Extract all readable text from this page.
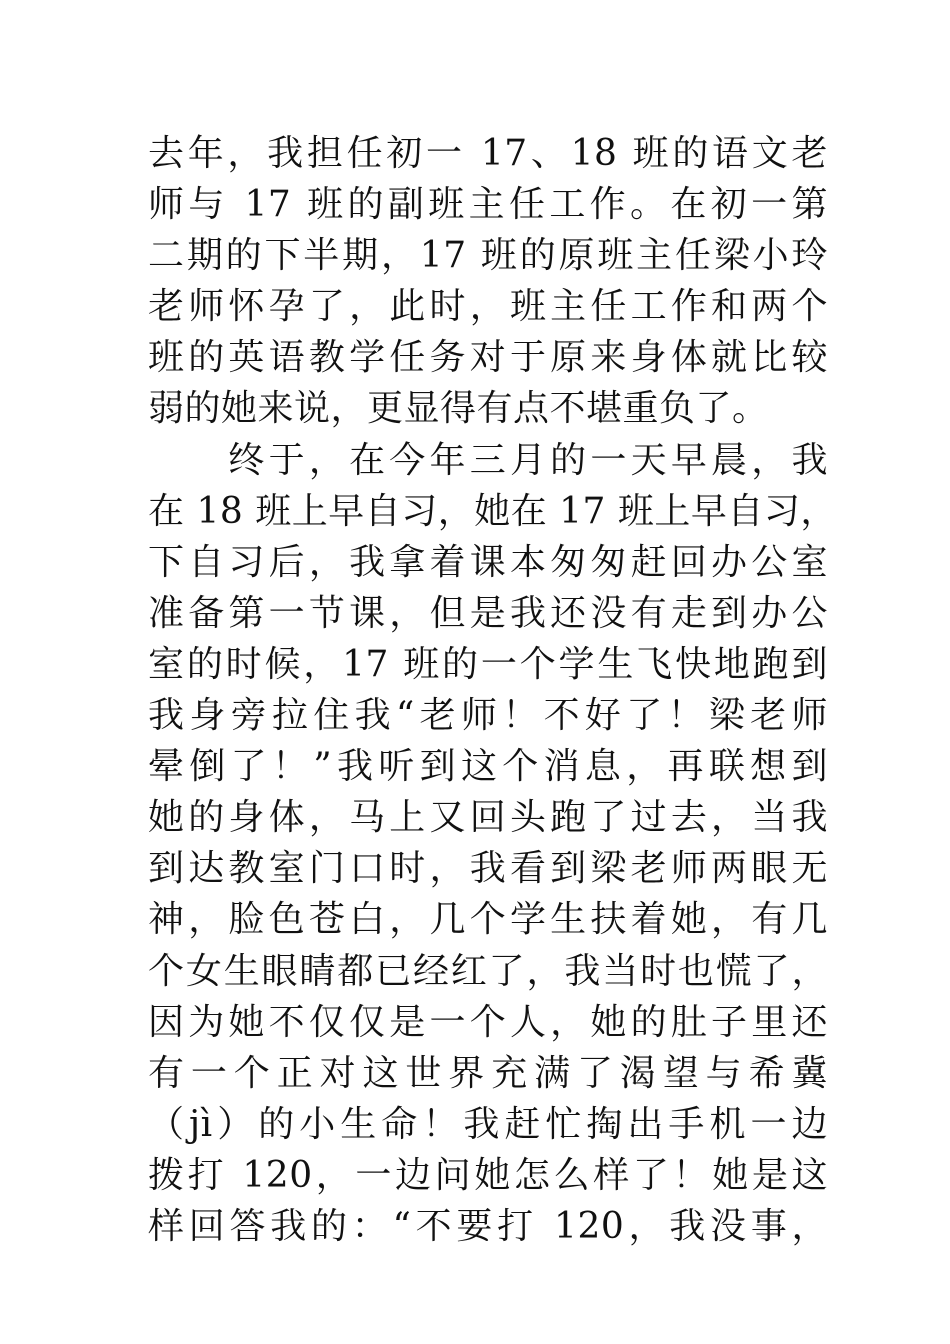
去年，我担任初一 17、18 班的语文老
师与 17 班的副班主任工作。在初一第
二期的下半期，17 班的原班主任梁小玲
老师怀孕了，此时，班主任工作和两个
班的英语教学任务对于原来身体就比较
弱的她来说，更显得有点不堪重负了。
　　终于，在今年三月的一天早晨，我
在 18 班上早自习，她在 17 班上早自习，
下自习后，我拿着课本匆匆赶回办公室
准备第一节课，但是我还没有走到办公
室的时候，17 班的一个学生飞快地跑到
我身旁拉住我“老师！不好了！梁老师
晕倒了！”我听到这个消息，再联想到
她的身体，马上又回头跑了过去，当我
到达教室门口时，我看到梁老师两眼无
神，脸色苍白，几个学生扶着她，有几
个女生眼睛都已经红了，我当时也慌了，
因为她不仅仅是一个人，她的肚子里还
有一个正对这世界充满了渴望与希冀
（jì）的小生命！我赶忙掏出手机一边
拨打 120，一边问她怎么样了！她是这
样回答我的：“不要打 120，我没事，
